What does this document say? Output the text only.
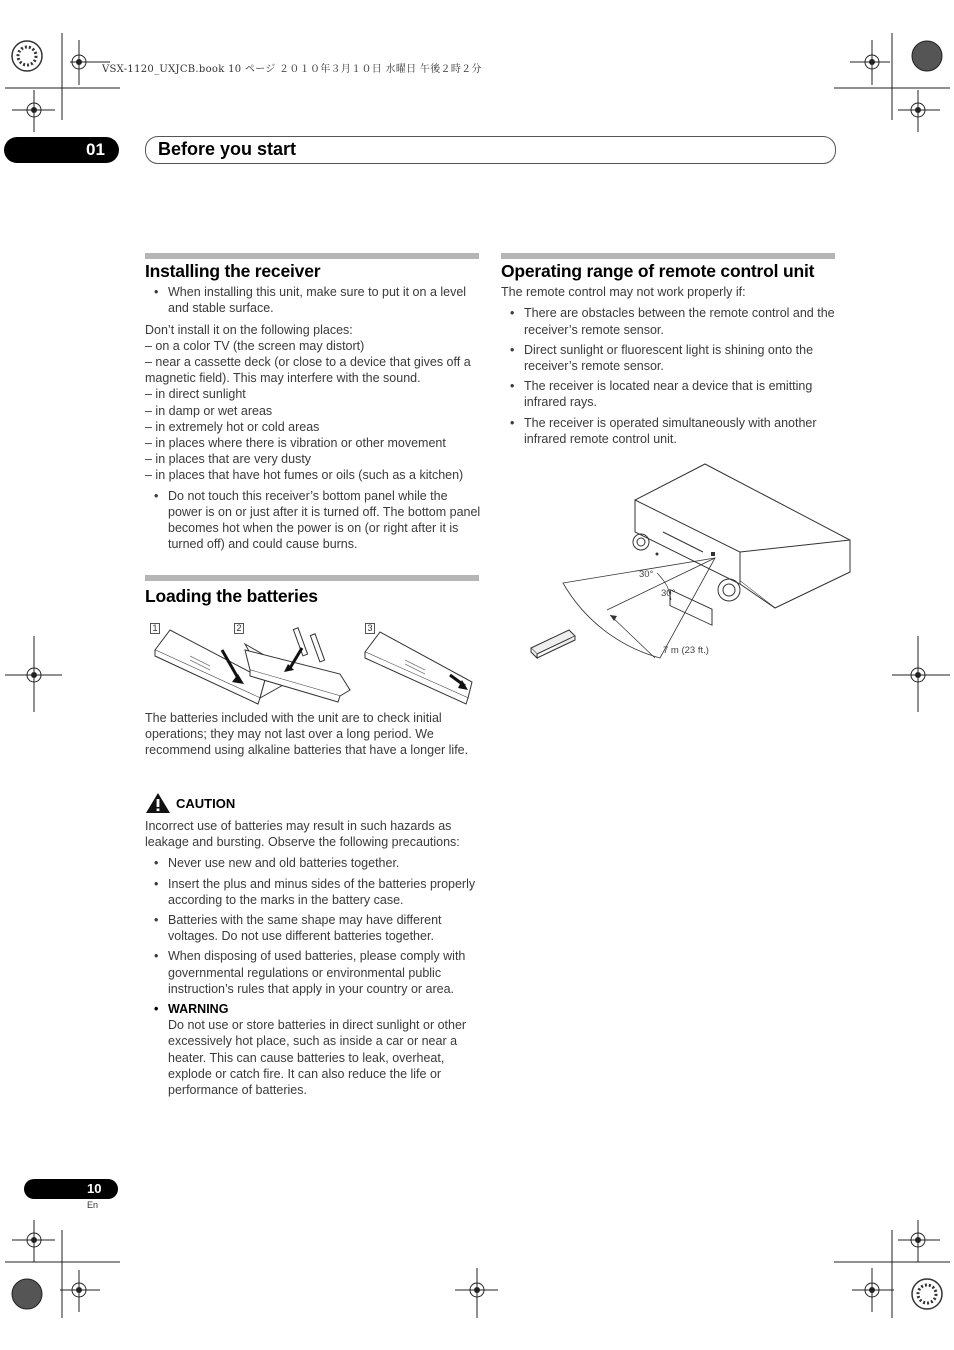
VSX-1120_UXJCB.book 10 ページ ２０１０年３月１０日 水曜日 午後２時２分
01	Before you start
Installing the receiver

• When installing this unit, make sure to put it on a level and stable surface.

Don’t install it on the following places:

– on a color TV (the screen may distort)

– near a cassette deck (or close to a device that gives off a magnetic field). This may interfere with the sound.

– in direct sunlight

– in damp or wet areas

– in extremely hot or cold areas

– in places where there is vibration or other movement

– in places that are very dusty

– in places that have hot fumes or oils (such as a kitchen)

• Do not touch this receiver’s bottom panel while the power is on or just after it is turned off. The bottom panel becomes hot when the power is on (or right after it is turned off) and could cause burns.

Loading the batteries
1	2	3

The batteries included with the unit are to check initial operations; they may not last over a long period. We recommend using alkaline batteries that have a longer life.

CAUTION

Incorrect use of batteries may result in such hazards as leakage and bursting. Observe the following precautions:

• Never use new and old batteries together.

• Insert the plus and minus sides of the batteries properly according to the marks in the battery case.

• Batteries with the same shape may have different voltages. Do not use different batteries together.

• When disposing of used batteries, please comply with governmental regulations or environmental public instruction’s rules that apply in your country or area.

• WARNING

Do not use or store batteries in direct sunlight or other excessively hot place, such as inside a car or near a heater. This can cause batteries to leak, overheat, explode or catch fire. It can also reduce the life or performance of batteries.

Operating range of remote control unit

The remote control may not work properly if:

• There are obstacles between the remote control and the receiver’s remote sensor.

• Direct sunlight or fluorescent light is shining onto the receiver’s remote sensor.

• The receiver is located near a device that is emitting infrared rays.

• The receiver is operated simultaneously with another infrared remote control unit.

30°
30°
7 m (23 ft.)
10
En
